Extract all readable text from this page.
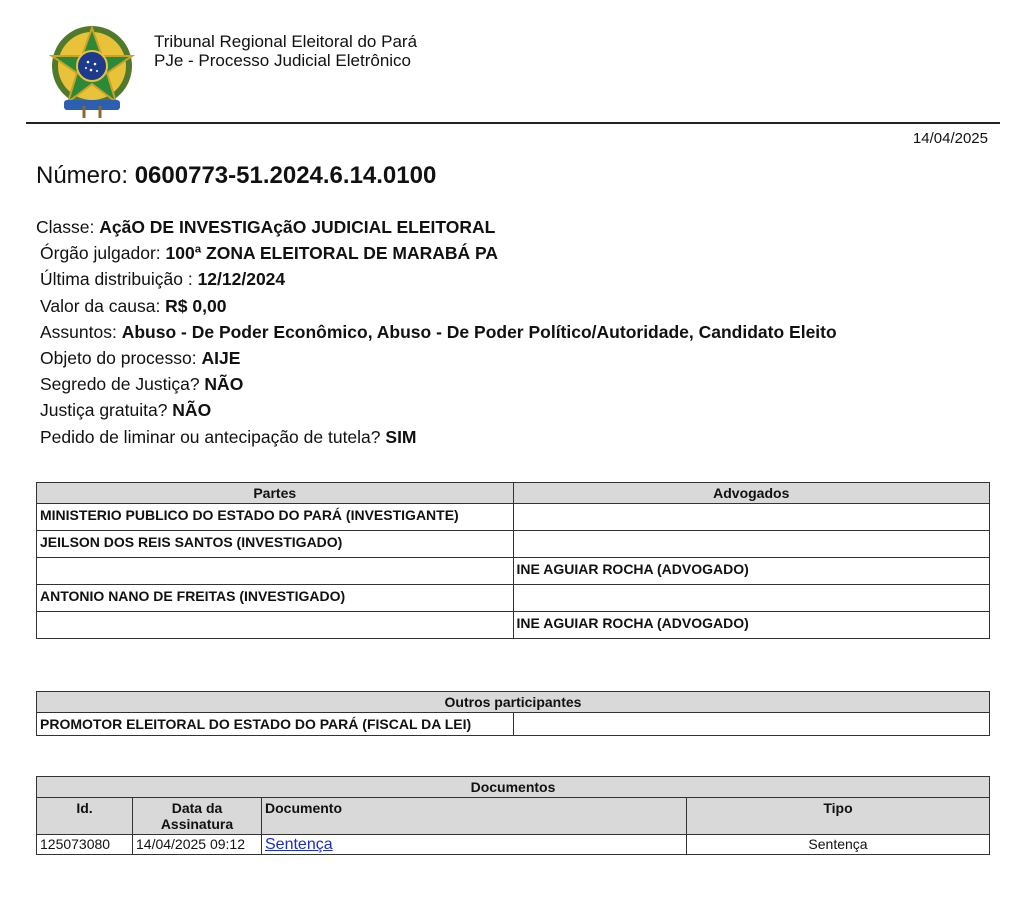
Tribunal Regional Eleitoral do Pará
PJe - Processo Judicial Eletrônico
14/04/2025
Número: 0600773-51.2024.6.14.0100
Classe: AçãO DE INVESTIGAçãO JUDICIAL ELEITORAL
Órgão julgador: 100ª ZONA ELEITORAL DE MARABÁ PA
Última distribuição : 12/12/2024
Valor da causa: R$ 0,00
Assuntos: Abuso - De Poder Econômico, Abuso - De Poder Político/Autoridade, Candidato Eleito
Objeto do processo: AIJE
Segredo de Justiça? NÃO
Justiça gratuita? NÃO
Pedido de liminar ou antecipação de tutela? SIM
Partes	Advogados
MINISTERIO PUBLICO DO ESTADO DO PARÁ (INVESTIGANTE)	
JEILSON DOS REIS SANTOS (INVESTIGADO)	
	INE AGUIAR ROCHA (ADVOGADO)
ANTONIO NANO DE FREITAS (INVESTIGADO)	
	INE AGUIAR ROCHA (ADVOGADO)
Outros participantes
PROMOTOR ELEITORAL DO ESTADO DO PARÁ (FISCAL DA LEI)	
Documentos			
Id.	Data da Assinatura	Documento	Tipo
125073080	14/04/2025 09:12	Sentença	Sentença
